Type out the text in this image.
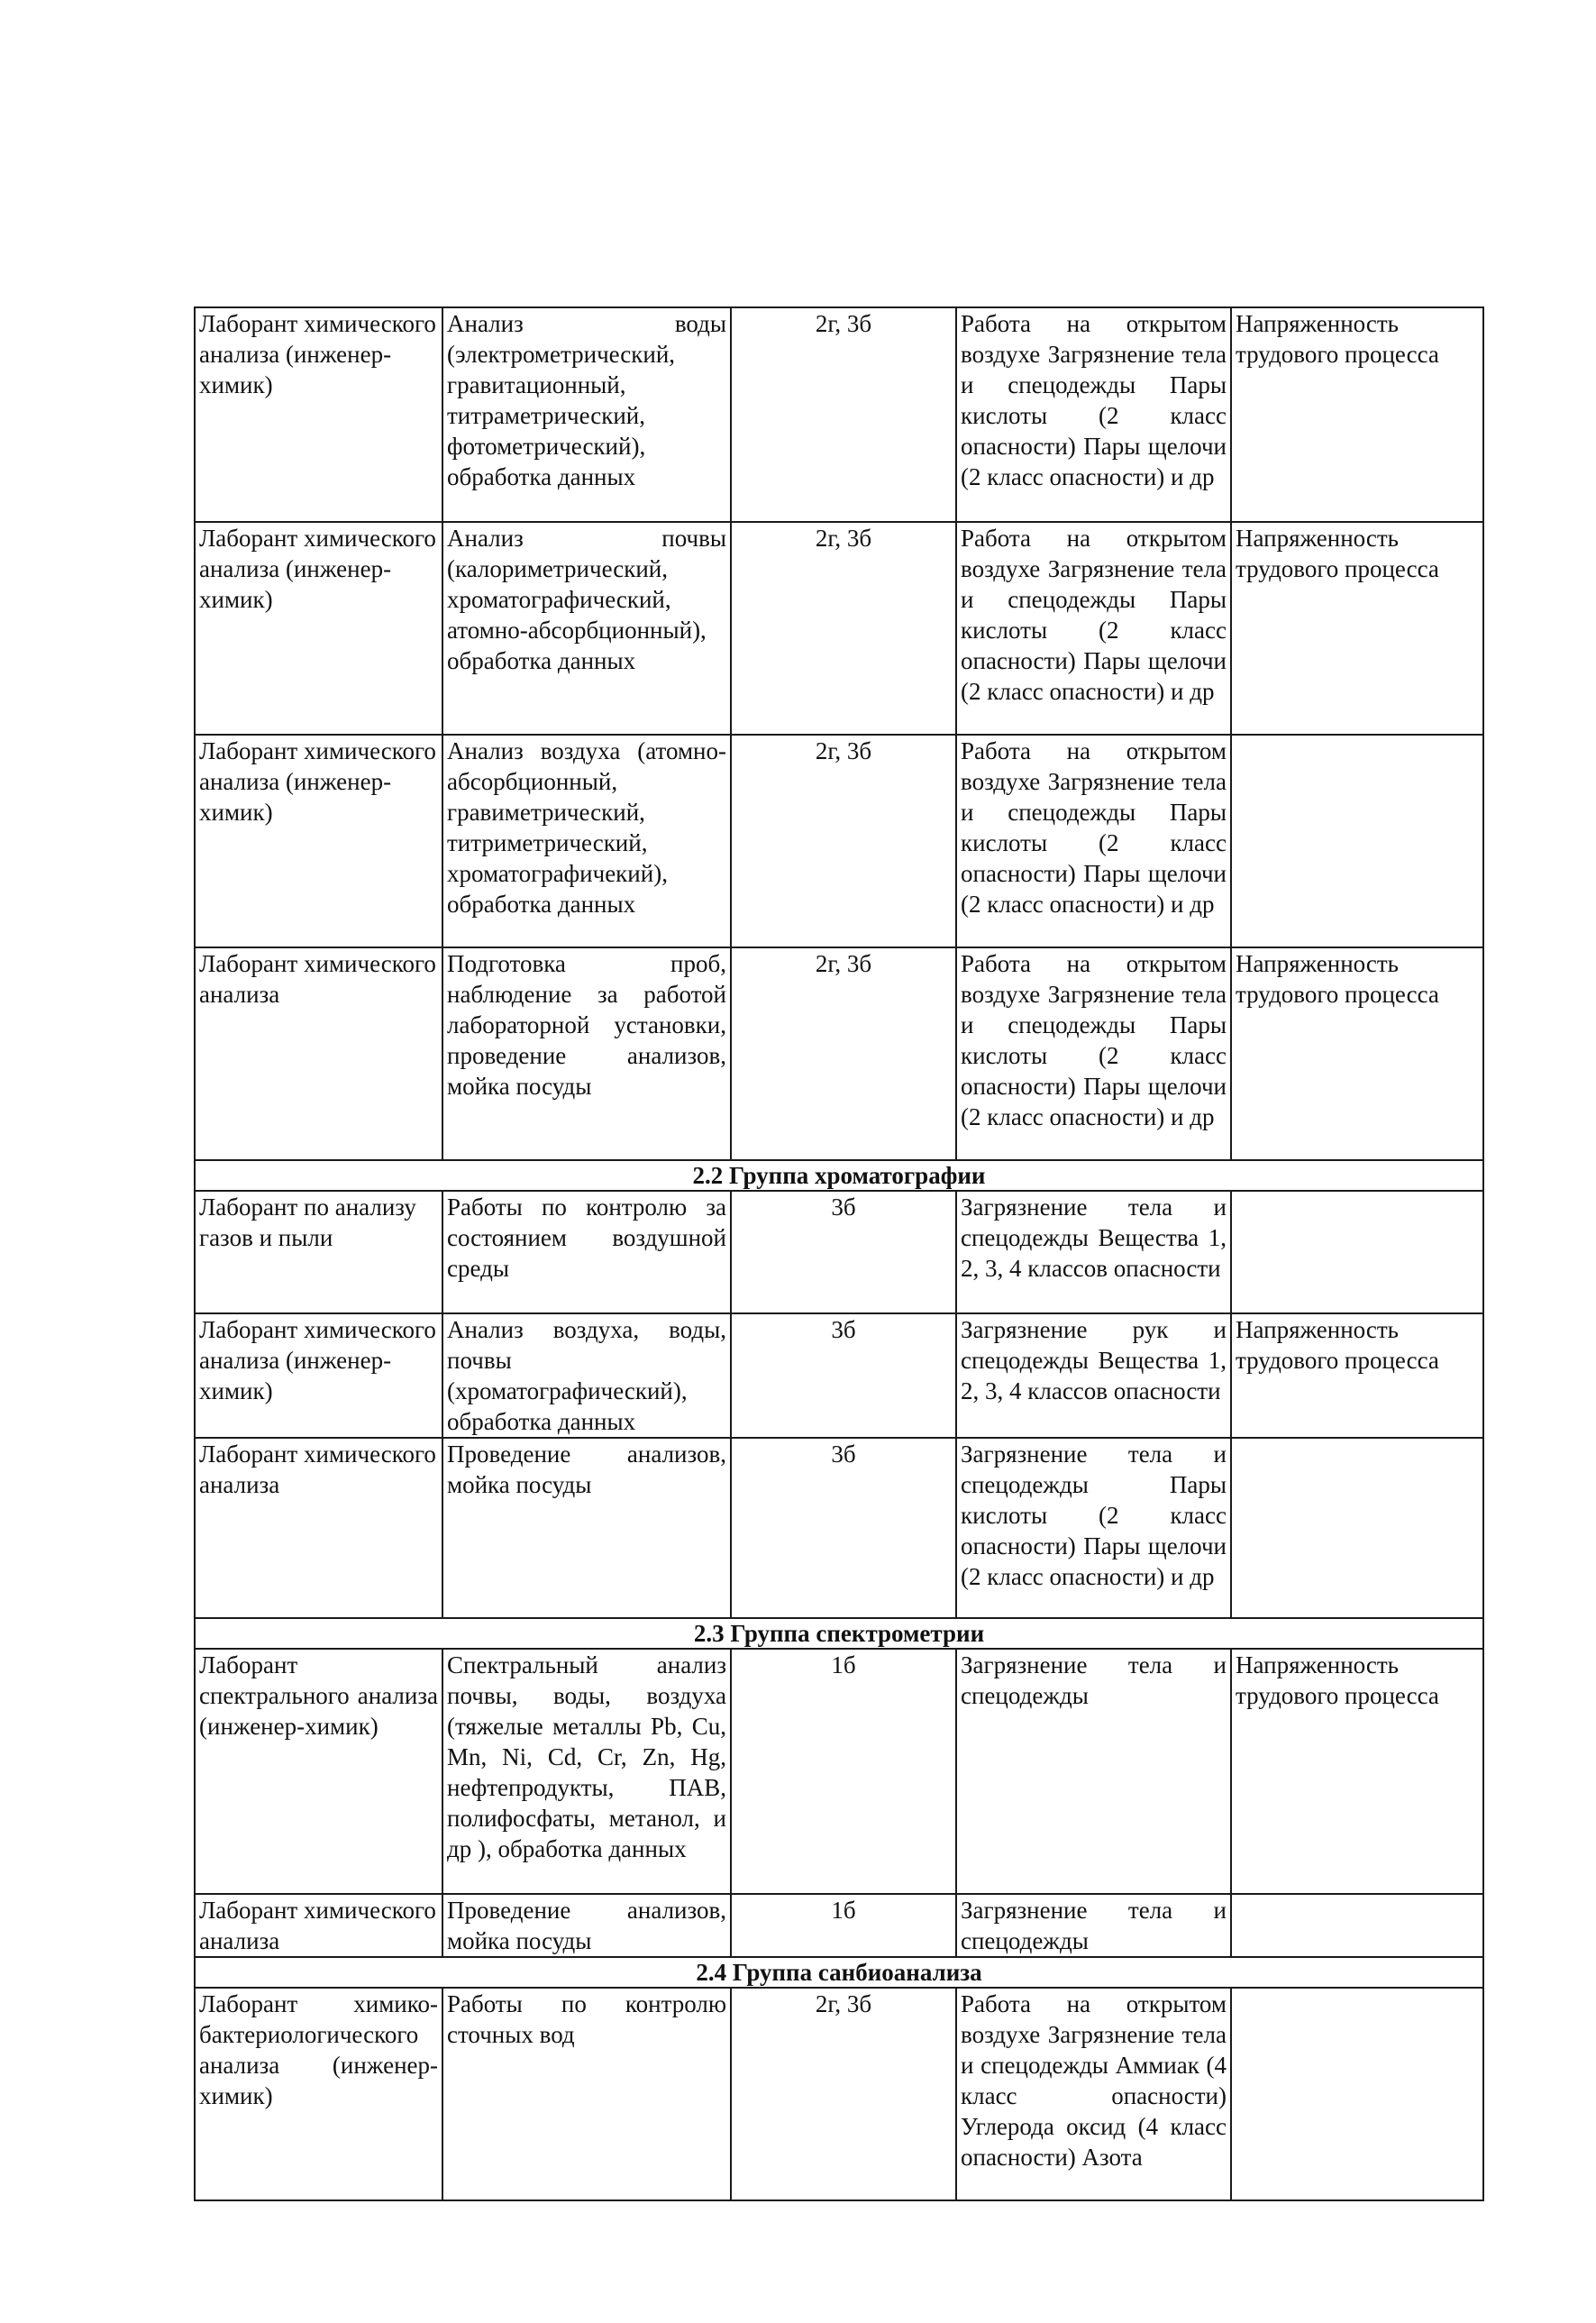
Лаборант химического анализа (инженер-химик)	Анализ воды (электрометрический, гравитационный, титраметрический, фотометрический), обработка данных	2г, 3б	Работа на открытом воздухе Загрязнение тела и спецодежды Пары кислоты (2 класс опасности) Пары щелочи (2 класс опасности) и др	Напряженность трудового процесса
Лаборант химического анализа (инженер-химик)	Анализ почвы (калориметрический, хроматографический, атомно-абсорбционный), обработка данных	2г, 3б	Работа на открытом воздухе Загрязнение тела и спецодежды Пары кислоты (2 класс опасности) Пары щелочи (2 класс опасности) и др	Напряженность трудового процесса
Лаборант химического анализа (инженер-химик)	Анализ воздуха (атомно-абсорбционный, гравиметрический, титриметрический, хроматографичекий), обработка данных	2г, 3б	Работа на открытом воздухе Загрязнение тела и спецодежды Пары кислоты (2 класс опасности) Пары щелочи (2 класс опасности) и др	
Лаборант химического анализа	Подготовка проб, наблюдение за работой лабораторной установки, проведение анализов, мойка посуды	2г, 3б	Работа на открытом воздухе Загрязнение тела и спецодежды Пары кислоты (2 класс опасности) Пары щелочи (2 класс опасности) и др	Напряженность трудового процесса
2.2 Группа хроматографии				
Лаборант по анализу газов и пыли	Работы по контролю за состоянием воздушной среды	3б	Загрязнение тела и спецодежды Вещества 1, 2, 3, 4 классов опасности	
Лаборант химического анализа (инженер-химик)	Анализ воздуха, воды, почвы (хроматографический), обработка данных	3б	Загрязнение рук и спецодежды Вещества 1, 2, 3, 4 классов опасности	Напряженность трудового процесса
Лаборант химического анализа	Проведение анализов, мойка посуды	3б	Загрязнение тела и спецодежды Пары кислоты (2 класс опасности) Пары щелочи (2 класс опасности) и др	
2.3 Группа спектрометрии				
Лаборант спектрального анализа (инженер-химик)	Спектральный анализ почвы, воды, воздуха (тяжелые металлы Pb, Cu, Mn, Ni, Cd, Cr, Zn, Hg, нефтепродукты, ПАВ, полифосфаты, метанол, и др ), обработка данных	1б	Загрязнение тела и спецодежды	Напряженность трудового процесса
Лаборант химического анализа	Проведение анализов, мойка посуды	1б	Загрязнение тела и спецодежды	
2.4 Группа санбиоанализа				
Лаборант химико-бактериологического анализа (инженер-химик)	Работы по контролю сточных вод	2г, 3б	Работа на открытом воздухе Загрязнение тела и спецодежды Аммиак (4 класс опасности) Углерода оксид (4 класс опасности) Азота	
